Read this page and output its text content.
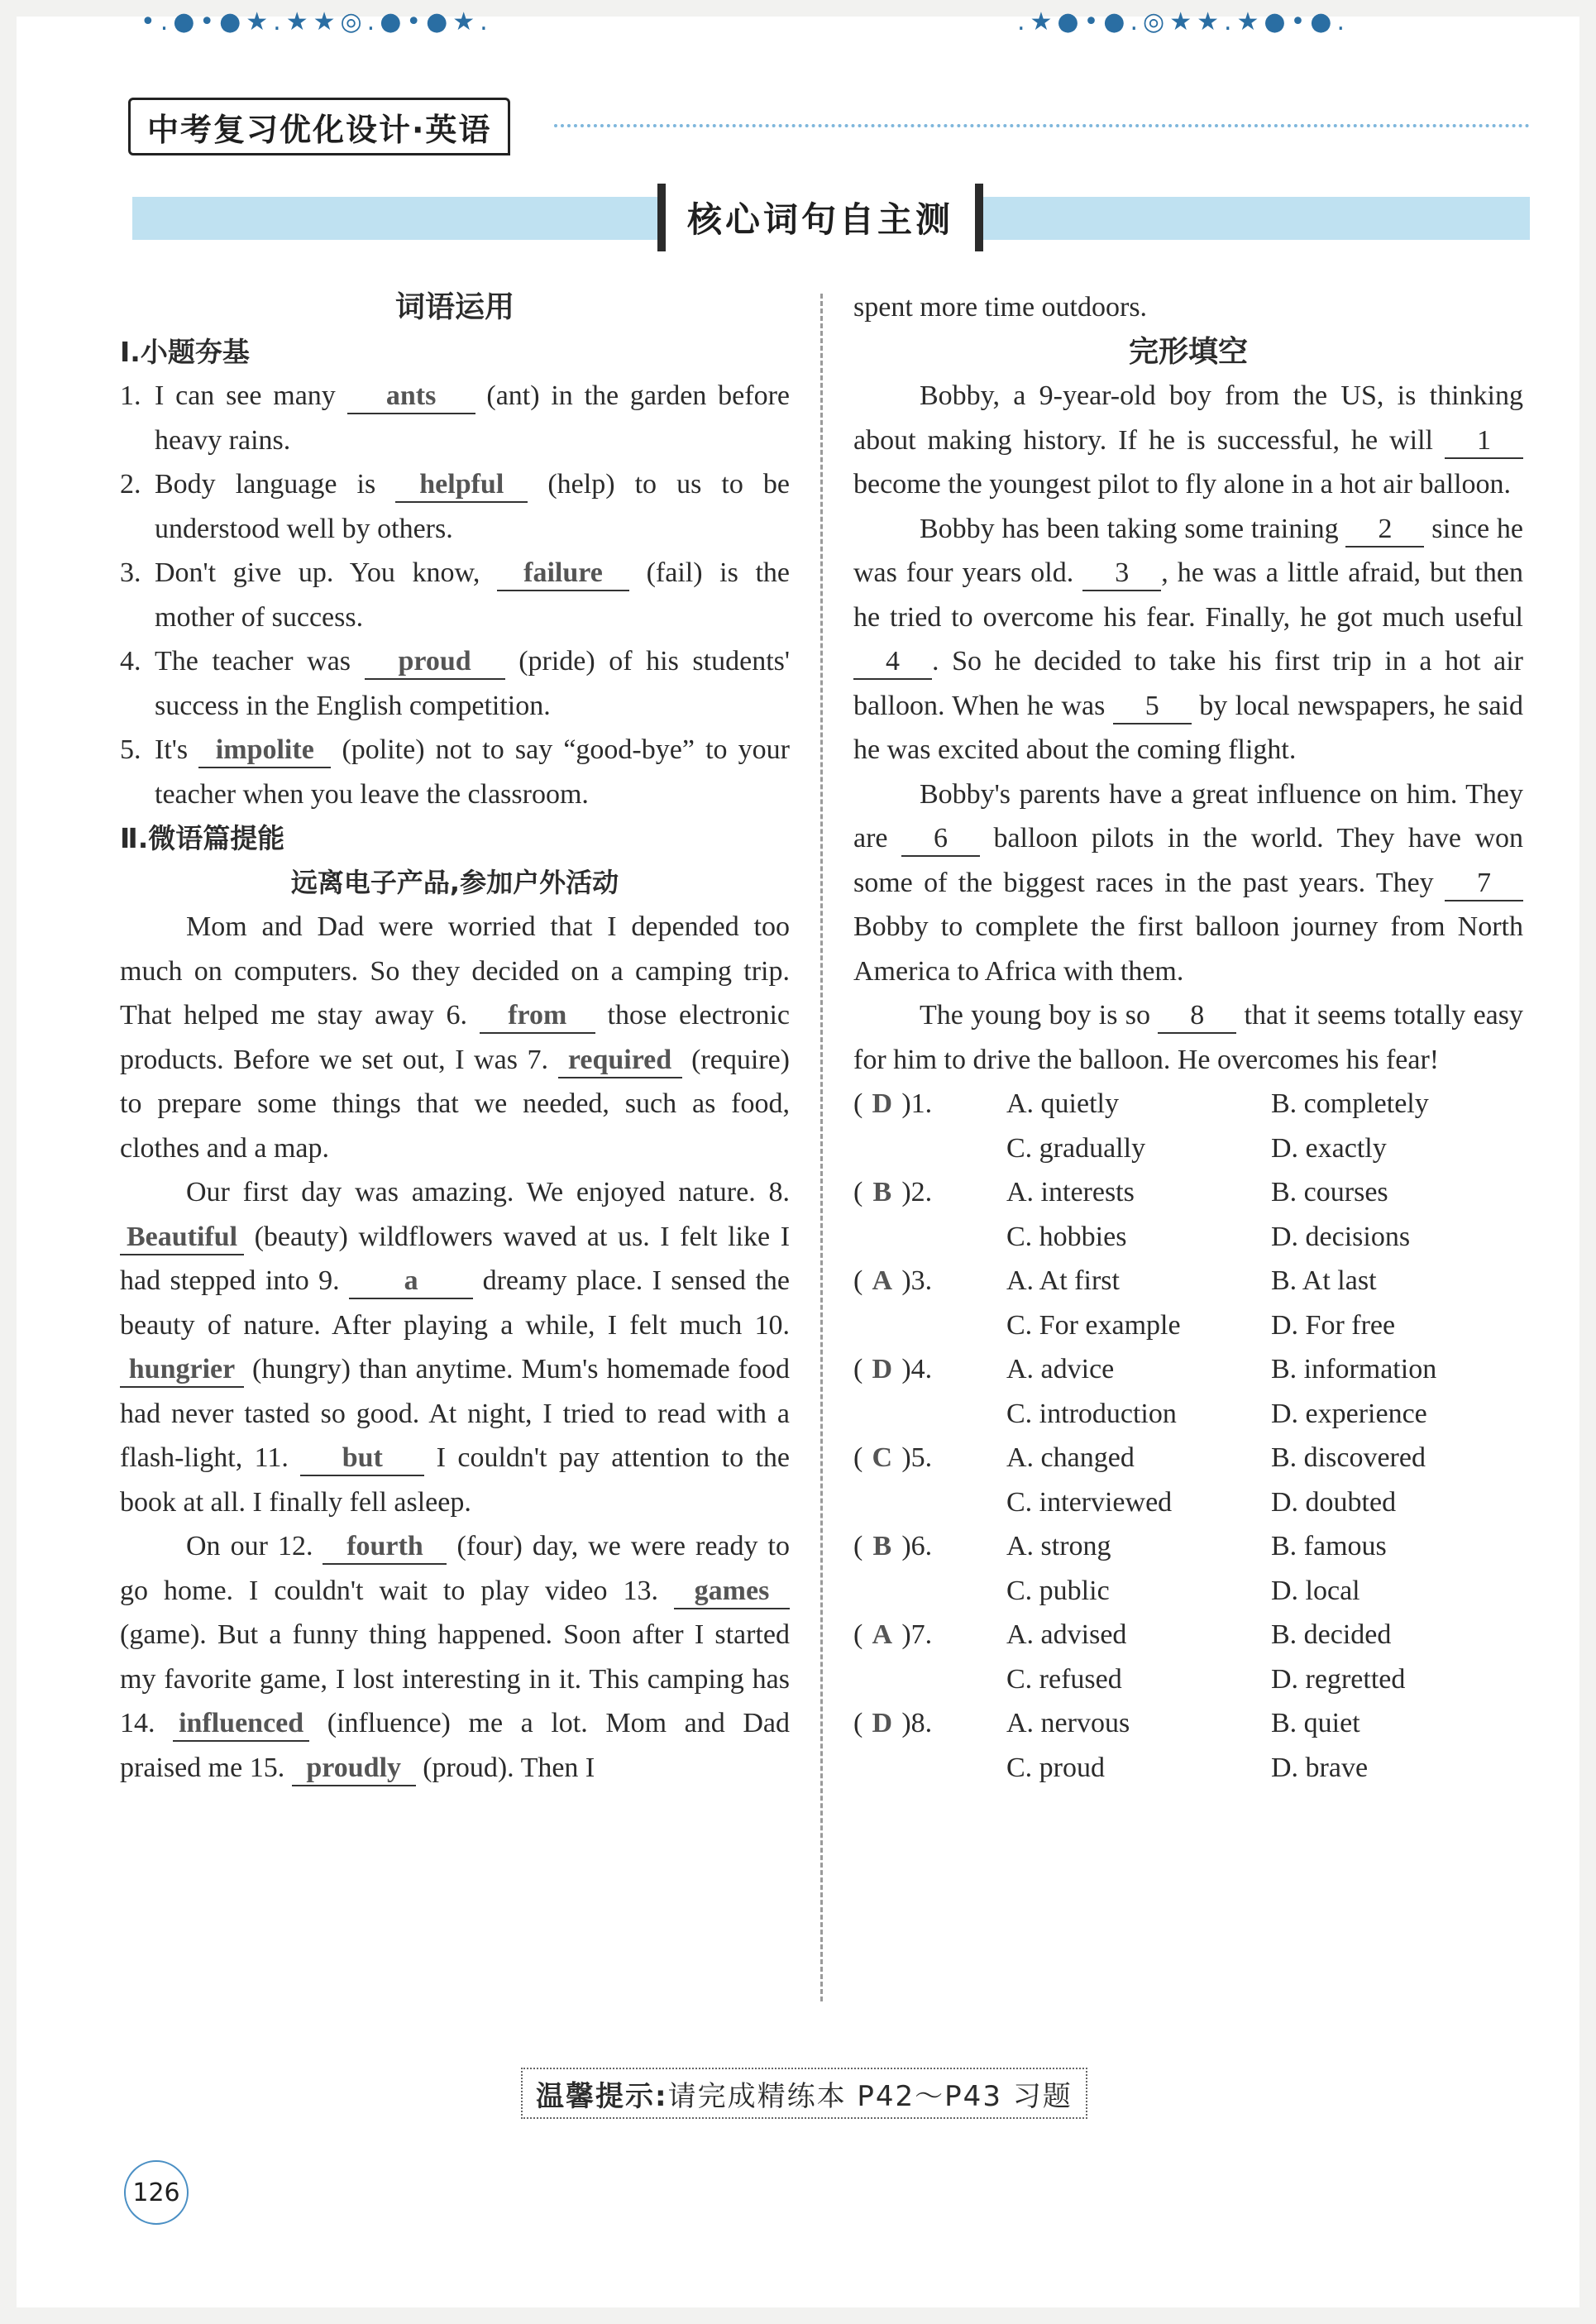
中考复习优化设计·英语
•.●•●★.★★◎.●•●★.	.★●•●.◎★★.★●•●.
核心词句自主测
词语运用
Ⅰ.小题夯基
1. I can see many ants (ant) in the garden before heavy rains.
2. Body language is helpful (help) to us to be understood well by others.
3. Don't give up. You know, failure (fail) is the mother of success.
4. The teacher was proud (pride) of his students' success in the English competition.
5. It's impolite (polite) not to say “good-bye” to your teacher when you leave the classroom.
Ⅱ.微语篇提能
远离电子产品,参加户外活动
Mom and Dad were worried that I depended too much on computers. So they decided on a camping trip. That helped me stay away 6. from those electronic products. Before we set out, I was 7. required (require) to prepare some things that we needed, such as food, clothes and a map.
Our first day was amazing. We enjoyed nature. 8. Beautiful (beauty) wildflowers waved at us. I felt like I had stepped into 9. a dreamy place. I sensed the beauty of nature. After playing a while, I felt much 10. hungrier (hungry) than anytime. Mum's homemade food had never tasted so good. At night, I tried to read with a flash-light, 11. but I couldn't pay attention to the book at all. I finally fell asleep.
On our 12. fourth (four) day, we were ready to go home. I couldn't wait to play video 13. games (game). But a funny thing happened. Soon after I started my favorite game, I lost interesting in it. This camping has 14. influenced (influence) me a lot. Mom and Dad praised me 15. proudly (proud). Then I
spent more time outdoors.
完形填空
Bobby, a 9-year-old boy from the US, is thinking about making history. If he is successful, he will 1 become the youngest pilot to fly alone in a hot air balloon.
Bobby has been taking some training 2 since he was four years old. 3 , he was a little afraid, but then he tried to overcome his fear. Finally, he got much useful 4 . So he decided to take his first trip in a hot air balloon. When he was 5 by local newspapers, he said he was excited about the coming flight.
Bobby's parents have a great influence on him. They are 6 balloon pilots in the world. They have won some of the biggest races in the past years. They 7 Bobby to complete the first balloon journey from North America to Africa with them.
The young boy is so 8 that it seems totally easy for him to drive the balloon. He overcomes his fear!
( D )1.	A. quietly	B. completely
C. gradually	D. exactly
( B )2.	A. interests	B. courses
C. hobbies	D. decisions
( A )3.	A. At first	B. At last
C. For example	D. For free
( D )4.	A. advice	B. information
C. introduction	D. experience
( C )5.	A. changed	B. discovered
C. interviewed	D. doubted
( B )6.	A. strong	B. famous
C. public	D. local
( A )7.	A. advised	B. decided
C. refused	D. regretted
( D )8.	A. nervous	B. quiet
C. proud	D. brave
温馨提示: 请完成精练本 P42～P43 习题
126
